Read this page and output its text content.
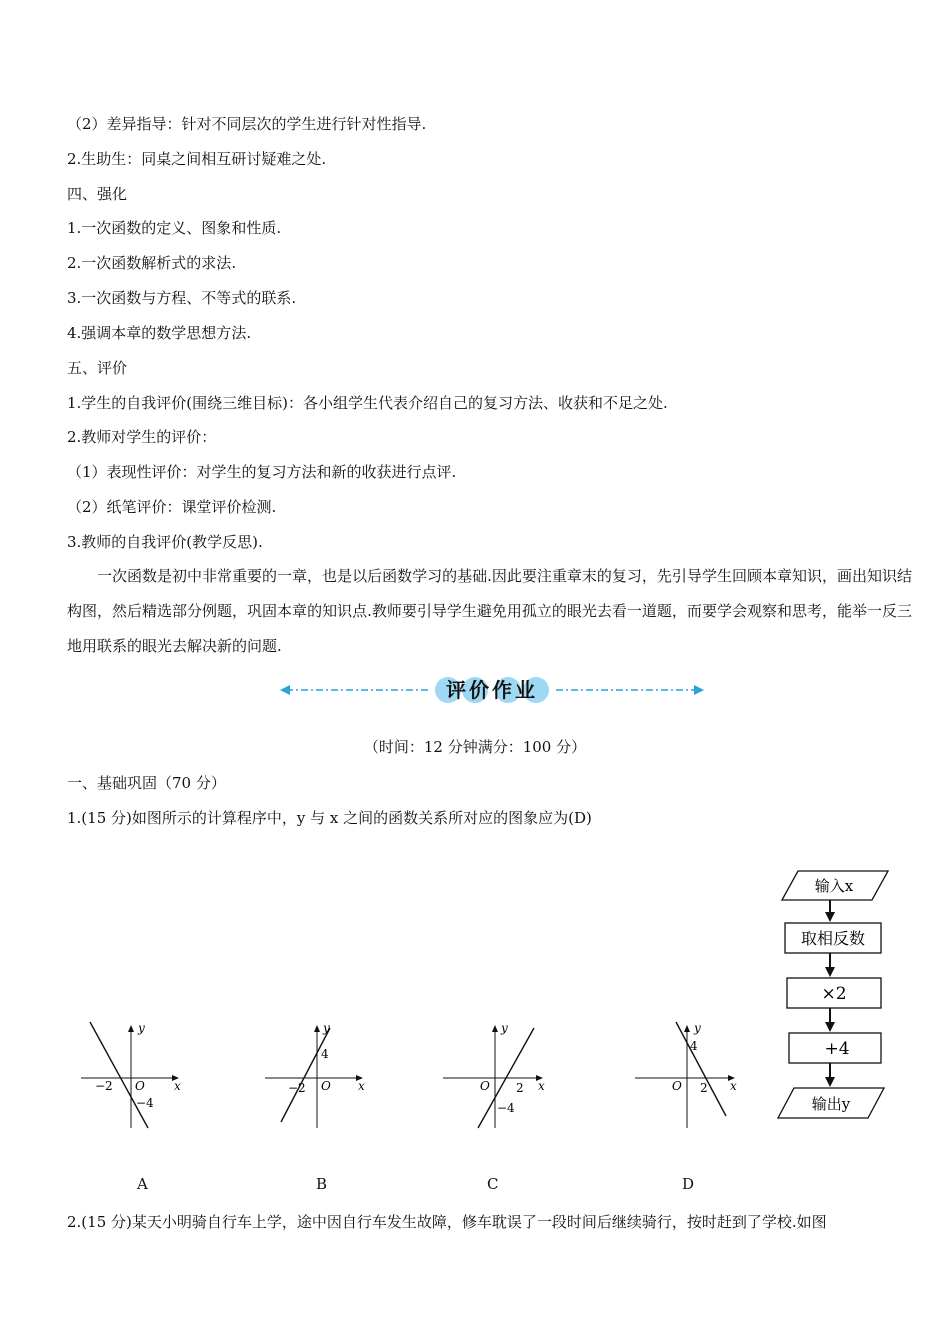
（2）差异指导：针对不同层次的学生进行针对性指导.
2.生助生：同桌之间相互研讨疑难之处.
四、强化
1.一次函数的定义、图象和性质.
2.一次函数解析式的求法.
3.一次函数与方程、不等式的联系.
4.强调本章的数学思想方法.
五、评价
1.学生的自我评价(围绕三维目标)：各小组学生代表介绍自己的复习方法、收获和不足之处.
2.教师对学生的评价：
（1）表现性评价：对学生的复习方法和新的收获进行点评.
（2）纸笔评价：课堂评价检测.
3.教师的自我评价(教学反思).
一次函数是初中非常重要的一章，也是以后函数学习的基础.因此要注重章末的复习，先引导学生回顾本章知识，画出知识结构图，然后精选部分例题，巩固本章的知识点.教师要引导学生避免用孤立的眼光去看一道题，而要学会观察和思考，能举一反三地用联系的眼光去解决新的问题.
评价作业
（时间：12 分钟满分：100 分）
一、基础巩固（70 分）
1.(15 分)如图所示的计算程序中，y 与 x 之间的函数关系所对应的图象应为(D)
y
x
O
−2
−4
y
x
O
−2
4
y
x
O 2
−4
y
x
O 2
4
A	B	C	D
输入x
取相反数
×2
+4
输出y
2.(15 分)某天小明骑自行车上学，途中因自行车发生故障，修车耽误了一段时间后继续骑行，按时赶到了学校.如图
